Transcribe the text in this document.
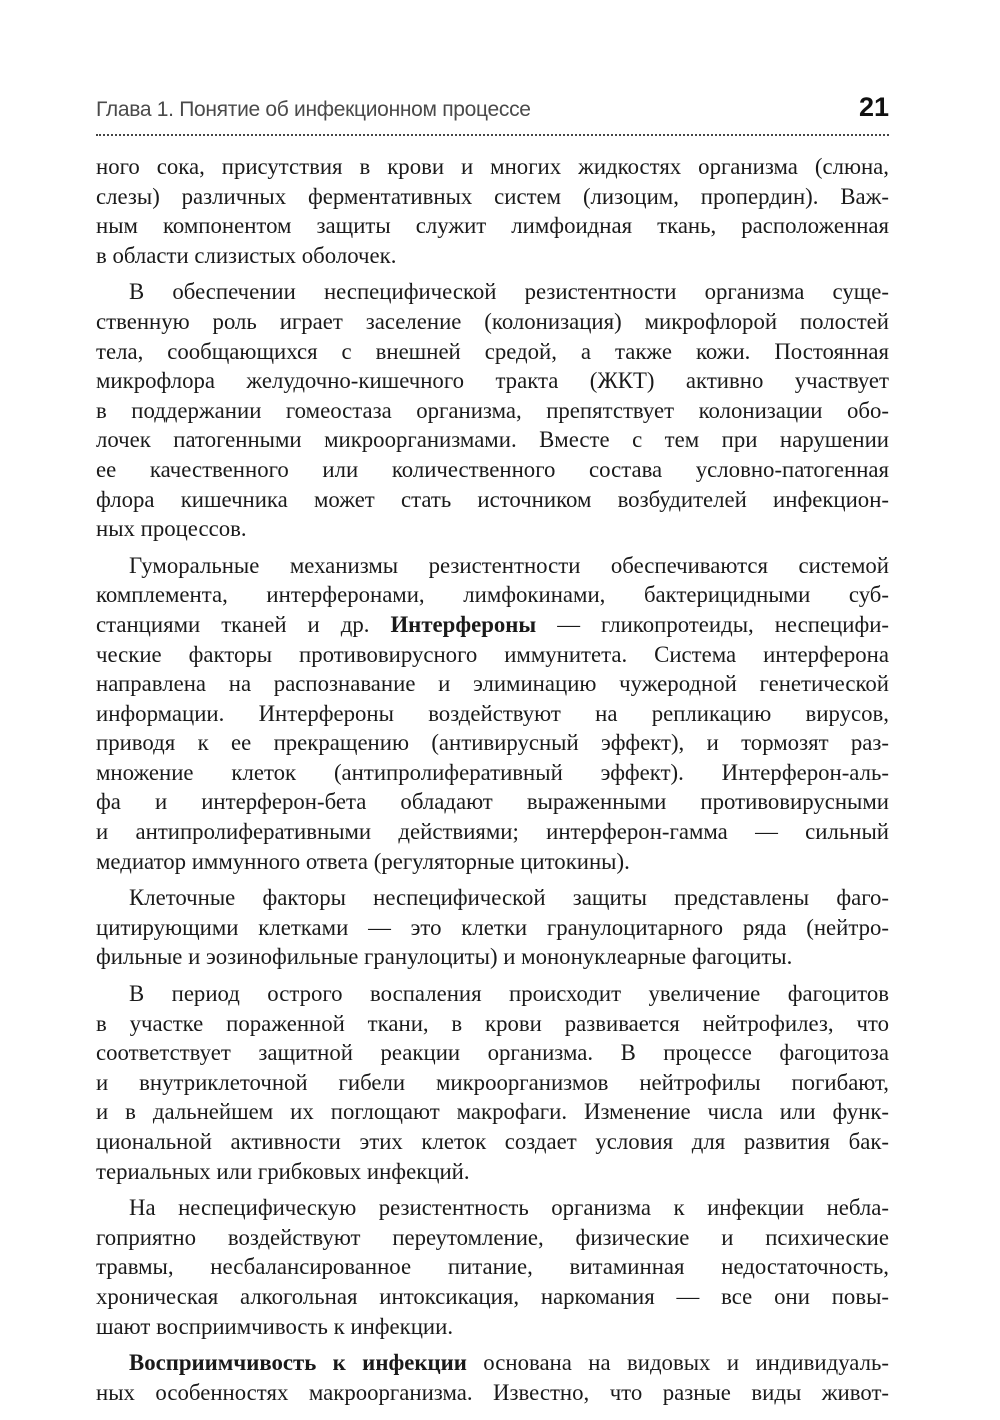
Глава 1. Понятие об инфекционном процессе	21
ного сока, присутствия в крови и многих жидкостях организма (слюна,
слезы) различных ферментативных систем (лизоцим, пропердин). Важ-
ным компонентом защиты служит лимфоидная ткань, расположенная
в области слизистых оболочек.
В обеспечении неспецифической резистентности организма суще-
ственную роль играет заселение (колонизация) микрофлорой полостей
тела, сообщающихся с внешней средой, а также кожи. Постоянная
микрофлора желудочно-кишечного тракта (ЖКТ) активно участвует
в поддержании гомеостаза организма, препятствует колонизации обо-
лочек патогенными микроорганизмами. Вместе с тем при нарушении
ее качественного или количественного состава условно-патогенная
флора кишечника может стать источником возбудителей инфекцион-
ных процессов.
Гуморальные механизмы резистентности обеспечиваются системой
комплемента, интерферонами, лимфокинами, бактерицидными суб-
станциями тканей и др. Интерфероны — гликопротеиды, неспецифи-
ческие факторы противовирусного иммунитета. Система интерферона
направлена на распознавание и элиминацию чужеродной генетической
информации. Интерфероны воздействуют на репликацию вирусов,
приводя к ее прекращению (антивирусный эффект), и тормозят раз-
множение клеток (антипролиферативный эффект). Интерферон-аль-
фа и интерферон-бета обладают выраженными противовирусными
и антипролиферативными действиями; интерферон-гамма — сильный
медиатор иммунного ответа (регуляторные цитокины).
Клеточные факторы неспецифической защиты представлены фаго-
цитирующими клетками — это клетки гранулоцитарного ряда (нейтро-
фильные и эозинофильные гранулоциты) и мононуклеарные фагоциты.
В период острого воспаления происходит увеличение фагоцитов
в участке пораженной ткани, в крови развивается нейтрофилез, что
соответствует защитной реакции организма. В процессе фагоцитоза
и внутриклеточной гибели микроорганизмов нейтрофилы погибают,
и в дальнейшем их поглощают макрофаги. Изменение числа или функ-
циональной активности этих клеток создает условия для развития бак-
териальных или грибковых инфекций.
На неспецифическую резистентность организма к инфекции небла-
гоприятно воздействуют переутомление, физические и психические
травмы, несбалансированное питание, витаминная недостаточность,
хроническая алкогольная интоксикация, наркомания — все они повы-
шают восприимчивость к инфекции.
Восприимчивость к инфекции основана на видовых и индивидуаль-
ных особенностях макроорганизма. Известно, что разные виды живот-
